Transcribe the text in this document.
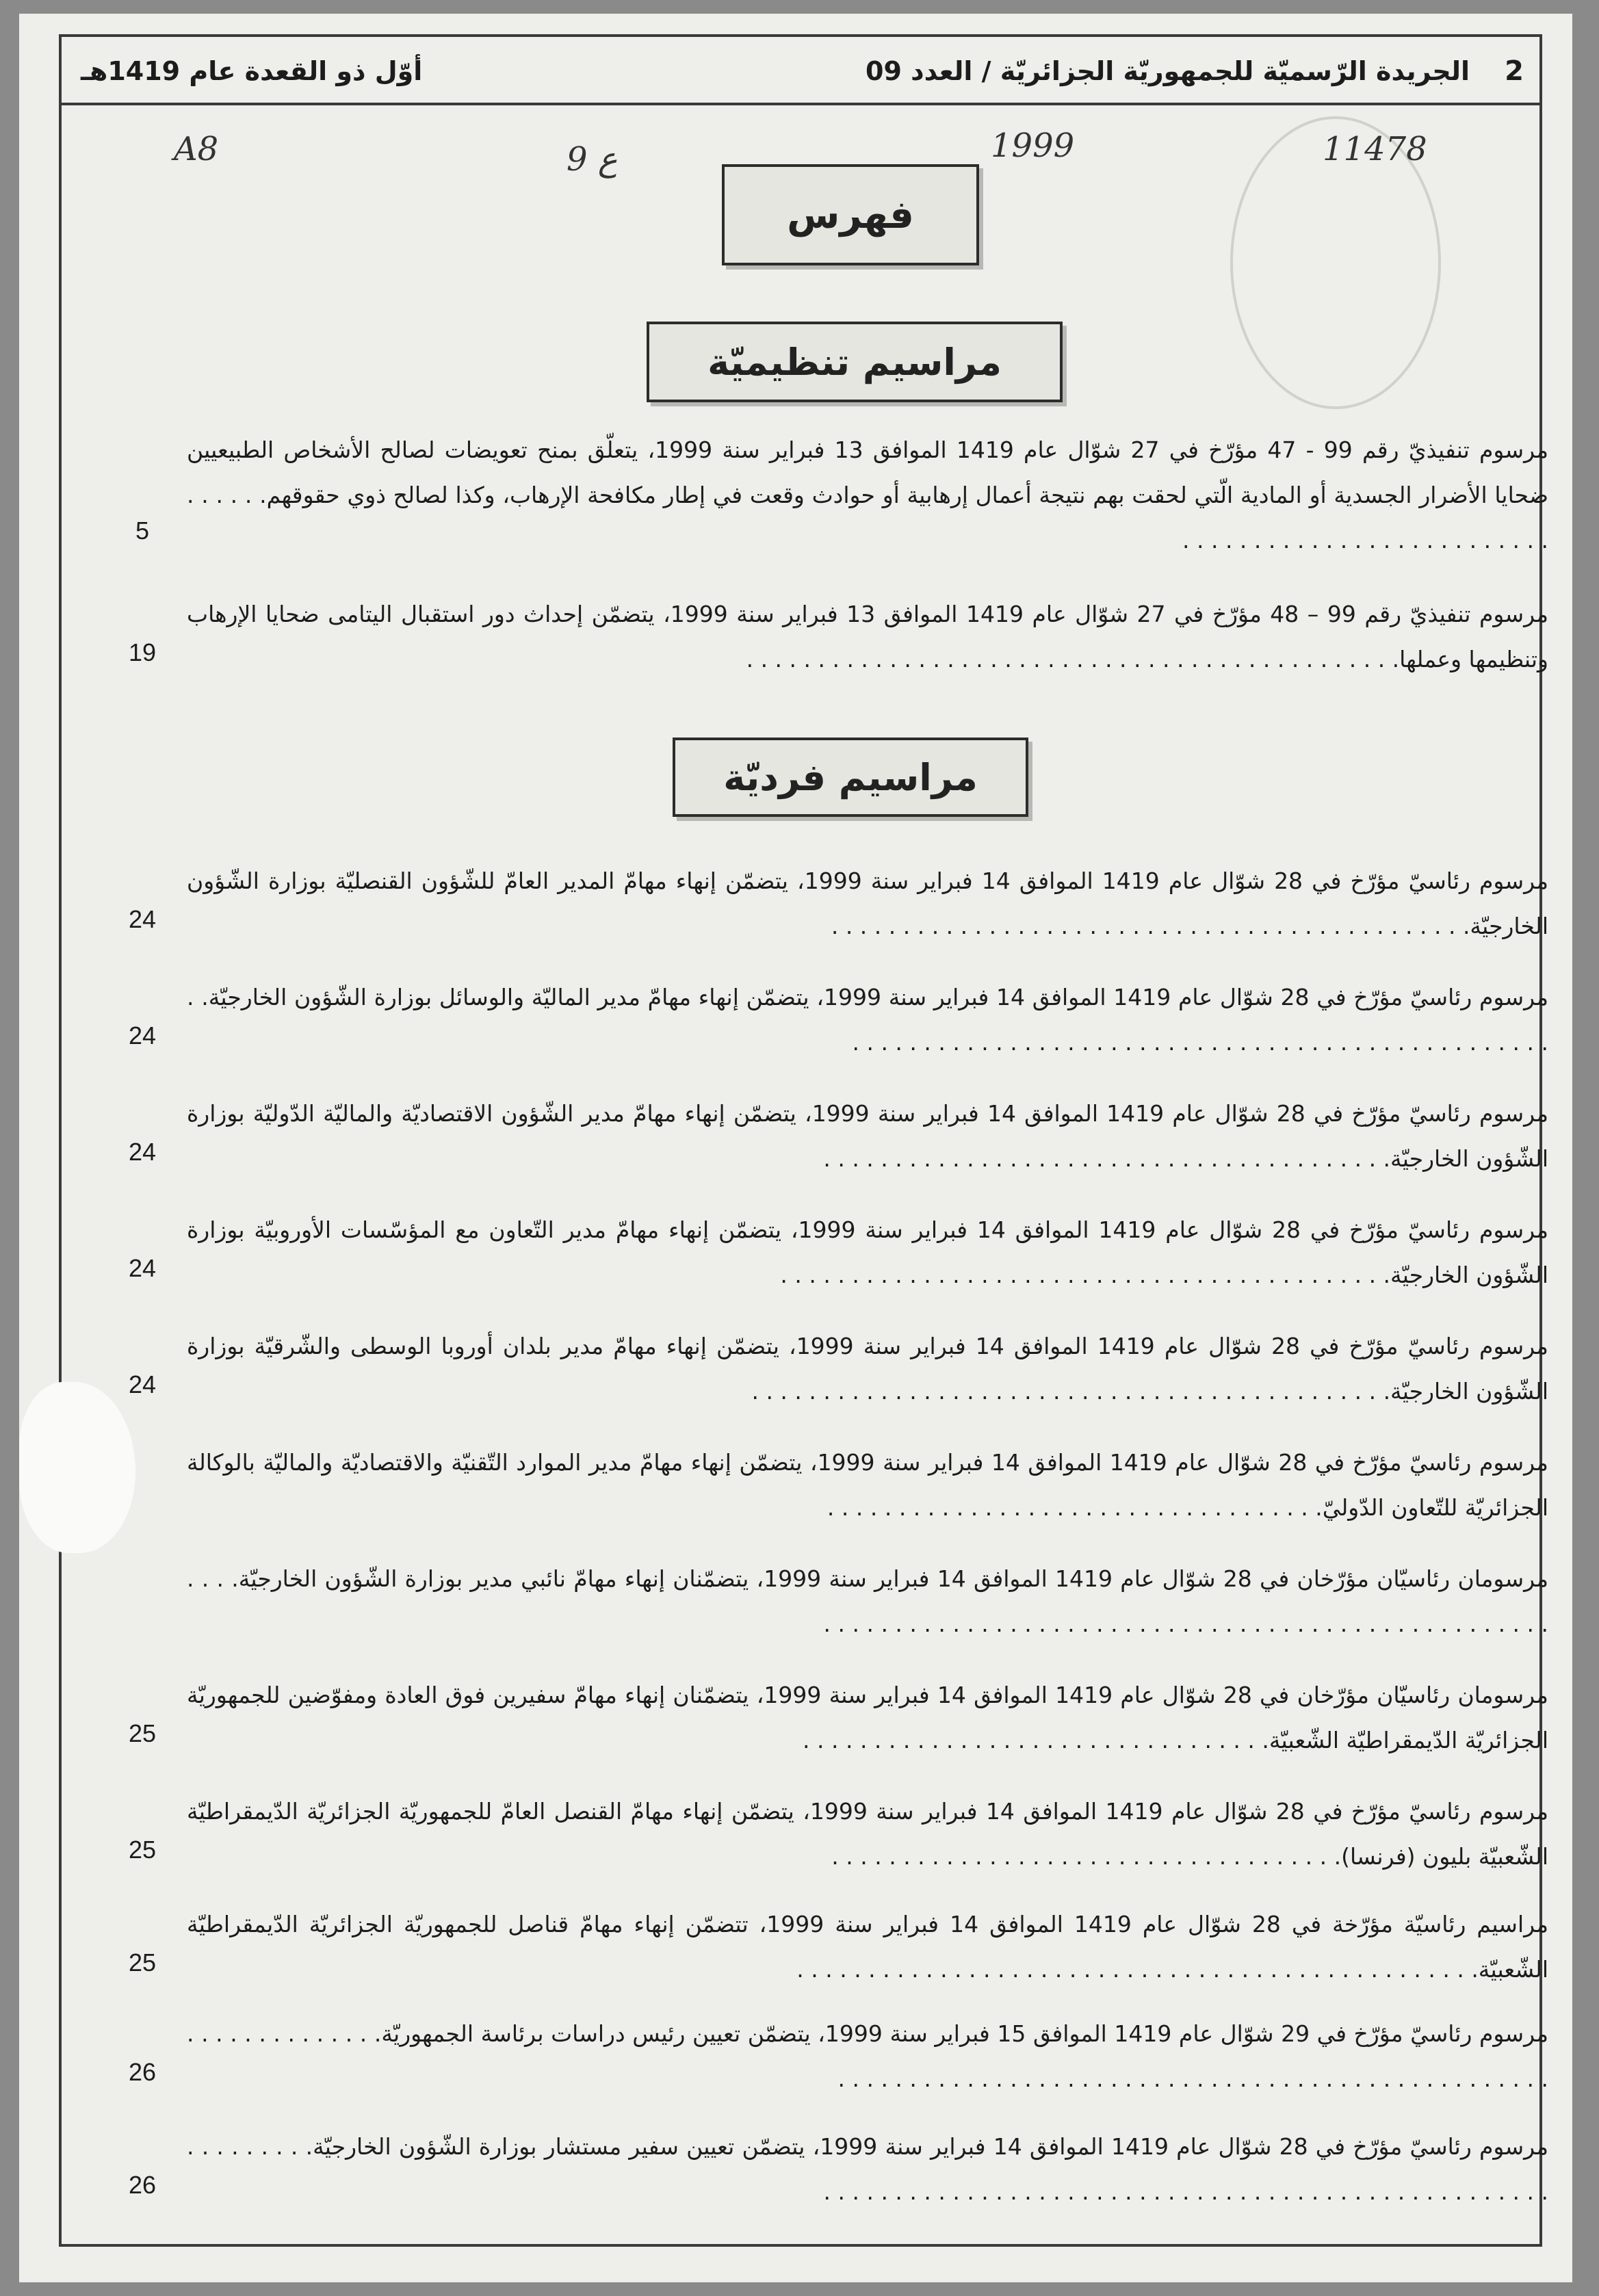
2
الجريدة الرّسميّة للجمهوريّة الجزائريّة / العدد 09
أوّل ذو القعدة عام 1419هـ
A8	ع 9	1999	11478
فهرس
مراسيم تنظيميّة
مراسيم فرديّة
مرسوم تنفيذيّ رقم 99 - 47 مؤرّخ في 27 شوّال عام 1419 الموافق 13 فبراير سنة 1999، يتعلّق بمنح تعويضات لصالح الأشخاص الطبيعيين ضحايا الأضرار الجسدية أو المادية الّتي لحقت بهم نتيجة أعمال إرهابية أو حوادث وقعت في إطار مكافحة الإرهاب، وكذا لصالح ذوي حقوقهم. . . . . . . . . . . . . . . . . . . . . . . . . . . . . . . .
5
مرسوم تنفيذيّ رقم 99 – 48 مؤرّخ في 27 شوّال عام 1419 الموافق 13 فبراير سنة 1999، يتضمّن إحداث دور استقبال اليتامى ضحايا الإرهاب وتنظيمها وعملها. . . . . . . . . . . . . . . . . . . . . . . . . . . . . . . . . . . . . . . . . . . . . .
19
مرسوم رئاسيّ مؤرّخ في 28 شوّال عام 1419 الموافق 14 فبراير سنة 1999، يتضمّن إنهاء مهامّ المدير العامّ للشّؤون القنصليّة بوزارة الشّؤون الخارجيّة. . . . . . . . . . . . . . . . . . . . . . . . . . . . . . . . . . . . . . . . . . . . .
24
مرسوم رئاسيّ مؤرّخ في 28 شوّال عام 1419 الموافق 14 فبراير سنة 1999، يتضمّن إنهاء مهامّ مدير الماليّة والوسائل بوزارة الشّؤون الخارجيّة. . . . . . . . . . . . . . . . . . . . . . . . . . . . . . . . . . . . . . . . . . . . . . . . . . .
24
مرسوم رئاسيّ مؤرّخ في 28 شوّال عام 1419 الموافق 14 فبراير سنة 1999، يتضمّن إنهاء مهامّ مدير الشّؤون الاقتصاديّة والماليّة الدّوليّة بوزارة الشّؤون الخارجيّة. . . . . . . . . . . . . . . . . . . . . . . . . . . . . . . . . . . . . . . .
24
مرسوم رئاسيّ مؤرّخ في 28 شوّال عام 1419 الموافق 14 فبراير سنة 1999، يتضمّن إنهاء مهامّ مدير التّعاون مع المؤسّسات الأوروبيّة بوزارة الشّؤون الخارجيّة. . . . . . . . . . . . . . . . . . . . . . . . . . . . . . . . . . . . . . . . . . .
24
مرسوم رئاسيّ مؤرّخ في 28 شوّال عام 1419 الموافق 14 فبراير سنة 1999، يتضمّن إنهاء مهامّ مدير بلدان أوروبا الوسطى والشّرقيّة بوزارة الشّؤون الخارجيّة. . . . . . . . . . . . . . . . . . . . . . . . . . . . . . . . . . . . . . . . . . . . .
24
مرسوم رئاسيّ مؤرّخ في 28 شوّال عام 1419 الموافق 14 فبراير سنة 1999، يتضمّن إنهاء مهامّ مدير الموارد التّقنيّة والاقتصاديّة والماليّة بالوكالة الجزائريّة للتّعاون الدّوليّ. . . . . . . . . . . . . . . . . . . . . . . . . . . . . . . . . . .
مرسومان رئاسيّان مؤرّخان في 28 شوّال عام 1419 الموافق 14 فبراير سنة 1999، يتضمّنان إنهاء مهامّ نائبي مدير بوزارة الشّؤون الخارجيّة. . . . . . . . . . . . . . . . . . . . . . . . . . . . . . . . . . . . . . . . . . . . . . . . . . . . . . .
مرسومان رئاسيّان مؤرّخان في 28 شوّال عام 1419 الموافق 14 فبراير سنة 1999، يتضمّنان إنهاء مهامّ سفيرين فوق العادة ومفوّضين للجمهوريّة الجزائريّة الدّيمقراطيّة الشّعبيّة. . . . . . . . . . . . . . . . . . . . . . . . . . . . . . . . .
25
مرسوم رئاسيّ مؤرّخ في 28 شوّال عام 1419 الموافق 14 فبراير سنة 1999، يتضمّن إنهاء مهامّ القنصل العامّ للجمهوريّة الجزائريّة الدّيمقراطيّة الشّعبيّة بليون (فرنسا). . . . . . . . . . . . . . . . . . . . . . . . . . . . . . . . . . . .
25
مراسيم رئاسيّة مؤرّخة في 28 شوّال عام 1419 الموافق 14 فبراير سنة 1999، تتضمّن إنهاء مهامّ قناصل للجمهوريّة الجزائريّة الدّيمقراطيّة الشّعبيّة. . . . . . . . . . . . . . . . . . . . . . . . . . . . . . . . . . . . . . . . . . . . . . . .
25
مرسوم رئاسيّ مؤرّخ في 29 شوّال عام 1419 الموافق 15 فبراير سنة 1999، يتضمّن تعيين رئيس دراسات برئاسة الجمهوريّة. . . . . . . . . . . . . . . . . . . . . . . . . . . . . . . . . . . . . . . . . . . . . . . . . . . . . . . . . . . . . . . .
26
مرسوم رئاسيّ مؤرّخ في 28 شوّال عام 1419 الموافق 14 فبراير سنة 1999، يتضمّن تعيين سفير مستشار بوزارة الشّؤون الخارجيّة. . . . . . . . . . . . . . . . . . . . . . . . . . . . . . . . . . . . . . . . . . . . . . . . . . . . . . . . . . . .
26
